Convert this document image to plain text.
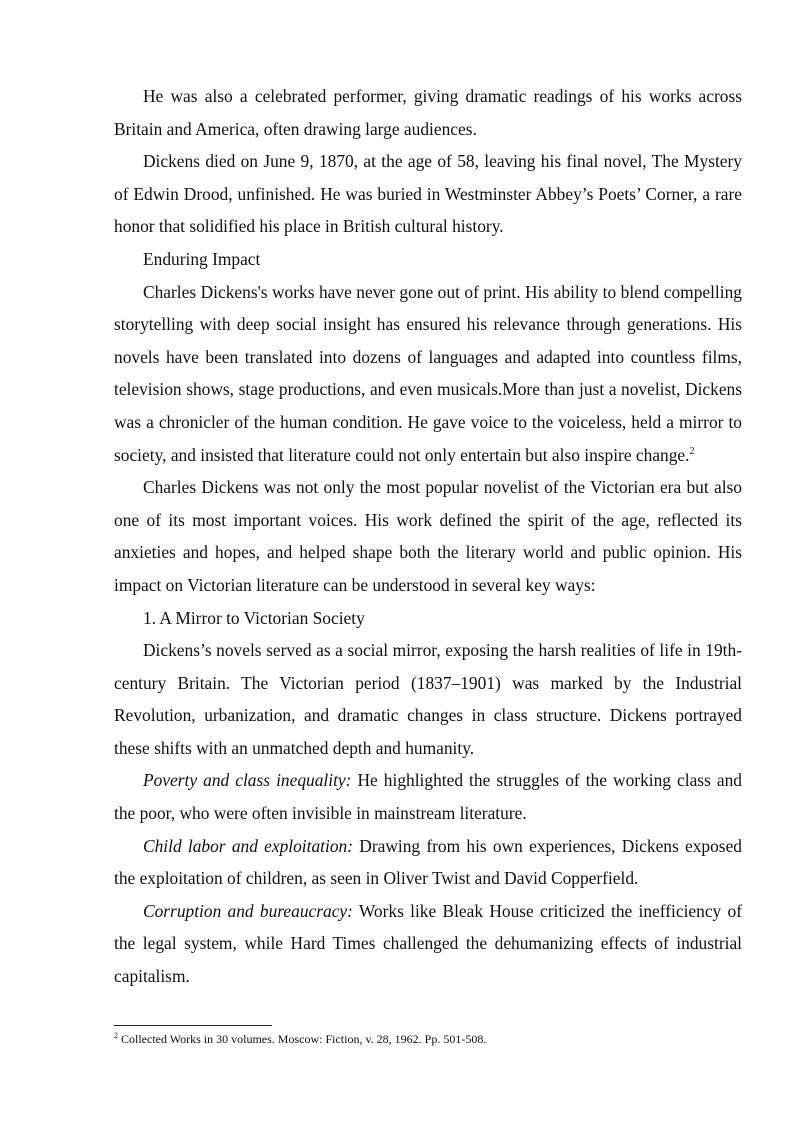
He was also a celebrated performer, giving dramatic readings of his works across Britain and America, often drawing large audiences.

Dickens died on June 9, 1870, at the age of 58, leaving his final novel, The Mystery of Edwin Drood, unfinished. He was buried in Westminster Abbey’s Poets’ Corner, a rare honor that solidified his place in British cultural history.

Enduring Impact

Charles Dickens's works have never gone out of print. His ability to blend compelling storytelling with deep social insight has ensured his relevance through generations. His novels have been translated into dozens of languages and adapted into countless films, television shows, stage productions, and even musicals.More than just a novelist, Dickens was a chronicler of the human condition. He gave voice to the voiceless, held a mirror to society, and insisted that literature could not only entertain but also inspire change.$^2$

Charles Dickens was not only the most popular novelist of the Victorian era but also one of its most important voices. His work defined the spirit of the age, reflected its anxieties and hopes, and helped shape both the literary world and public opinion. His impact on Victorian literature can be understood in several key ways:

1. A Mirror to Victorian Society

Dickens’s novels served as a social mirror, exposing the harsh realities of life in 19th-century Britain. The Victorian period (1837–1901) was marked by the Industrial Revolution, urbanization, and dramatic changes in class structure. Dickens portrayed these shifts with an unmatched depth and humanity.

Poverty and class inequality: He highlighted the struggles of the working class and the poor, who were often invisible in mainstream literature.

Child labor and exploitation: Drawing from his own experiences, Dickens exposed the exploitation of children, as seen in Oliver Twist and David Copperfield.

Corruption and bureaucracy: Works like Bleak House criticized the inefficiency of the legal system, while Hard Times challenged the dehumanizing effects of industrial capitalism.

$^2$ Collected Works in 30 volumes. Moscow: Fiction, v. 28, 1962. Pp. 501-508.
